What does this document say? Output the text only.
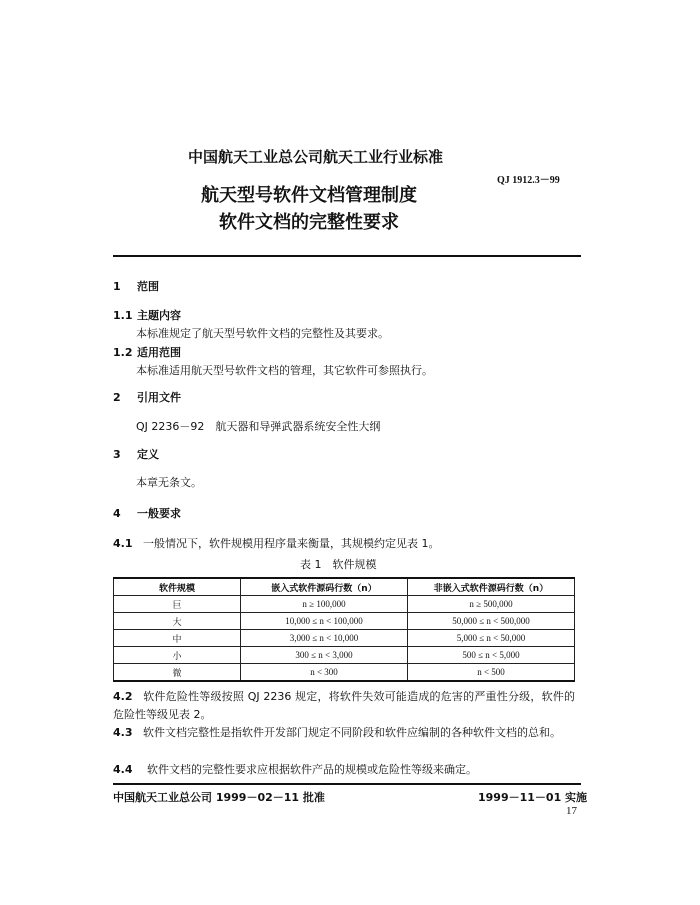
中国航天工业总公司航天工业行业标准
QJ 1912.3－99
航天型号软件文档管理制度
软件文档的完整性要求
1 范围
1.1 主题内容
本标准规定了航天型号软件文档的完整性及其要求。
1.2 适用范围
本标准适用航天型号软件文档的管理，其它软件可参照执行。
2 引用文件
QJ 2236－92　航天器和导弹武器系统安全性大纲
3 定义
本章无条文。
4 一般要求
4.1 一般情况下，软件规模用程序量来衡量，其规模约定见表 1。
表 1　软件规模
软件规模	嵌入式软件源码行数（n）	非嵌入式软件源码行数（n）
巨	n ≥ 100,000	n ≥ 500,000
大	10,000 ≤ n < 100,000	50,000 ≤ n < 500,000
中	3,000 ≤ n < 10,000	5,000 ≤ n < 50,000
小	300 ≤ n < 3,000	500 ≤ n < 5,000
微	n < 300	n < 500
4.2 软件危险性等级按照 QJ 2236 规定，将软件失效可能造成的危害的严重性分级，软件的危险性等级见表 2。
4.3 软件文档完整性是指软件开发部门规定不同阶段和软件应编制的各种软件文档的总和。
4.4 软件文档的完整性要求应根据软件产品的规模或危险性等级来确定。
中国航天工业总公司 1999－02－11 批准	1999－11－01 实施
17
